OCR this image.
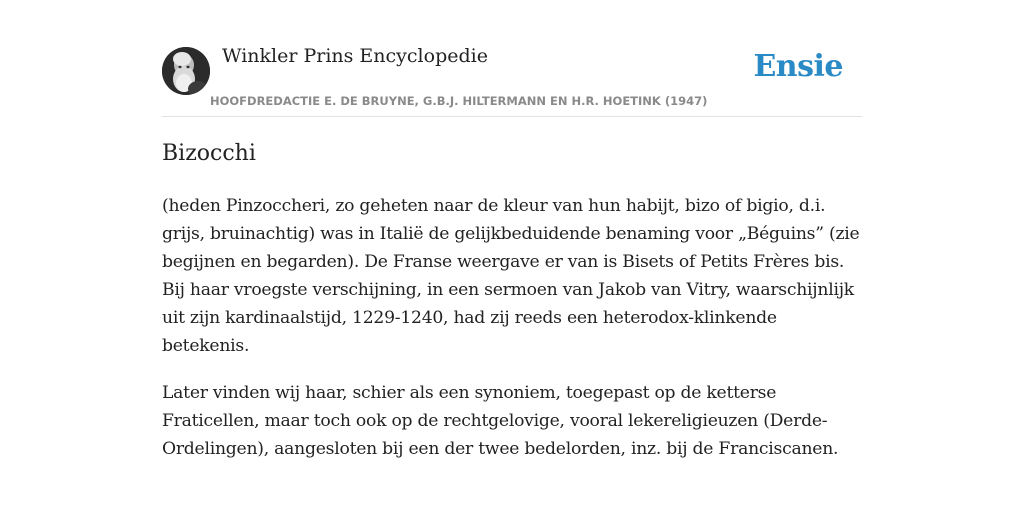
Winkler Prins Encyclopedie
HOOFDREDACTIE E. DE BRUYNE, G.B.J. HILTERMANN EN H.R. HOETINK (1947)
Ensie
Bizocchi

(heden Pinzoccheri, zo geheten naar de kleur van hun habijt, bizo of bigio, d.i. grijs, bruinachtig) was in Italië de gelijkbeduidende benaming voor „Béguins” (zie begijnen en begarden). De Franse weergave er van is Bisets of Petits Frères bis. Bij haar vroegste verschijning, in een sermoen van Jakob van Vitry, waarschijnlijk uit zijn kardinaalstijd, 1229-1240, had zij reeds een heterodox-klinkende betekenis.

Later vinden wij haar, schier als een synoniem, toegepast op de ketterse Fraticellen, maar toch ook op de rechtgelovige, vooral lekereligieuzen (Derde-Ordelingen), aangesloten bij een der twee bedelorden, inz. bij de Franciscanen.
